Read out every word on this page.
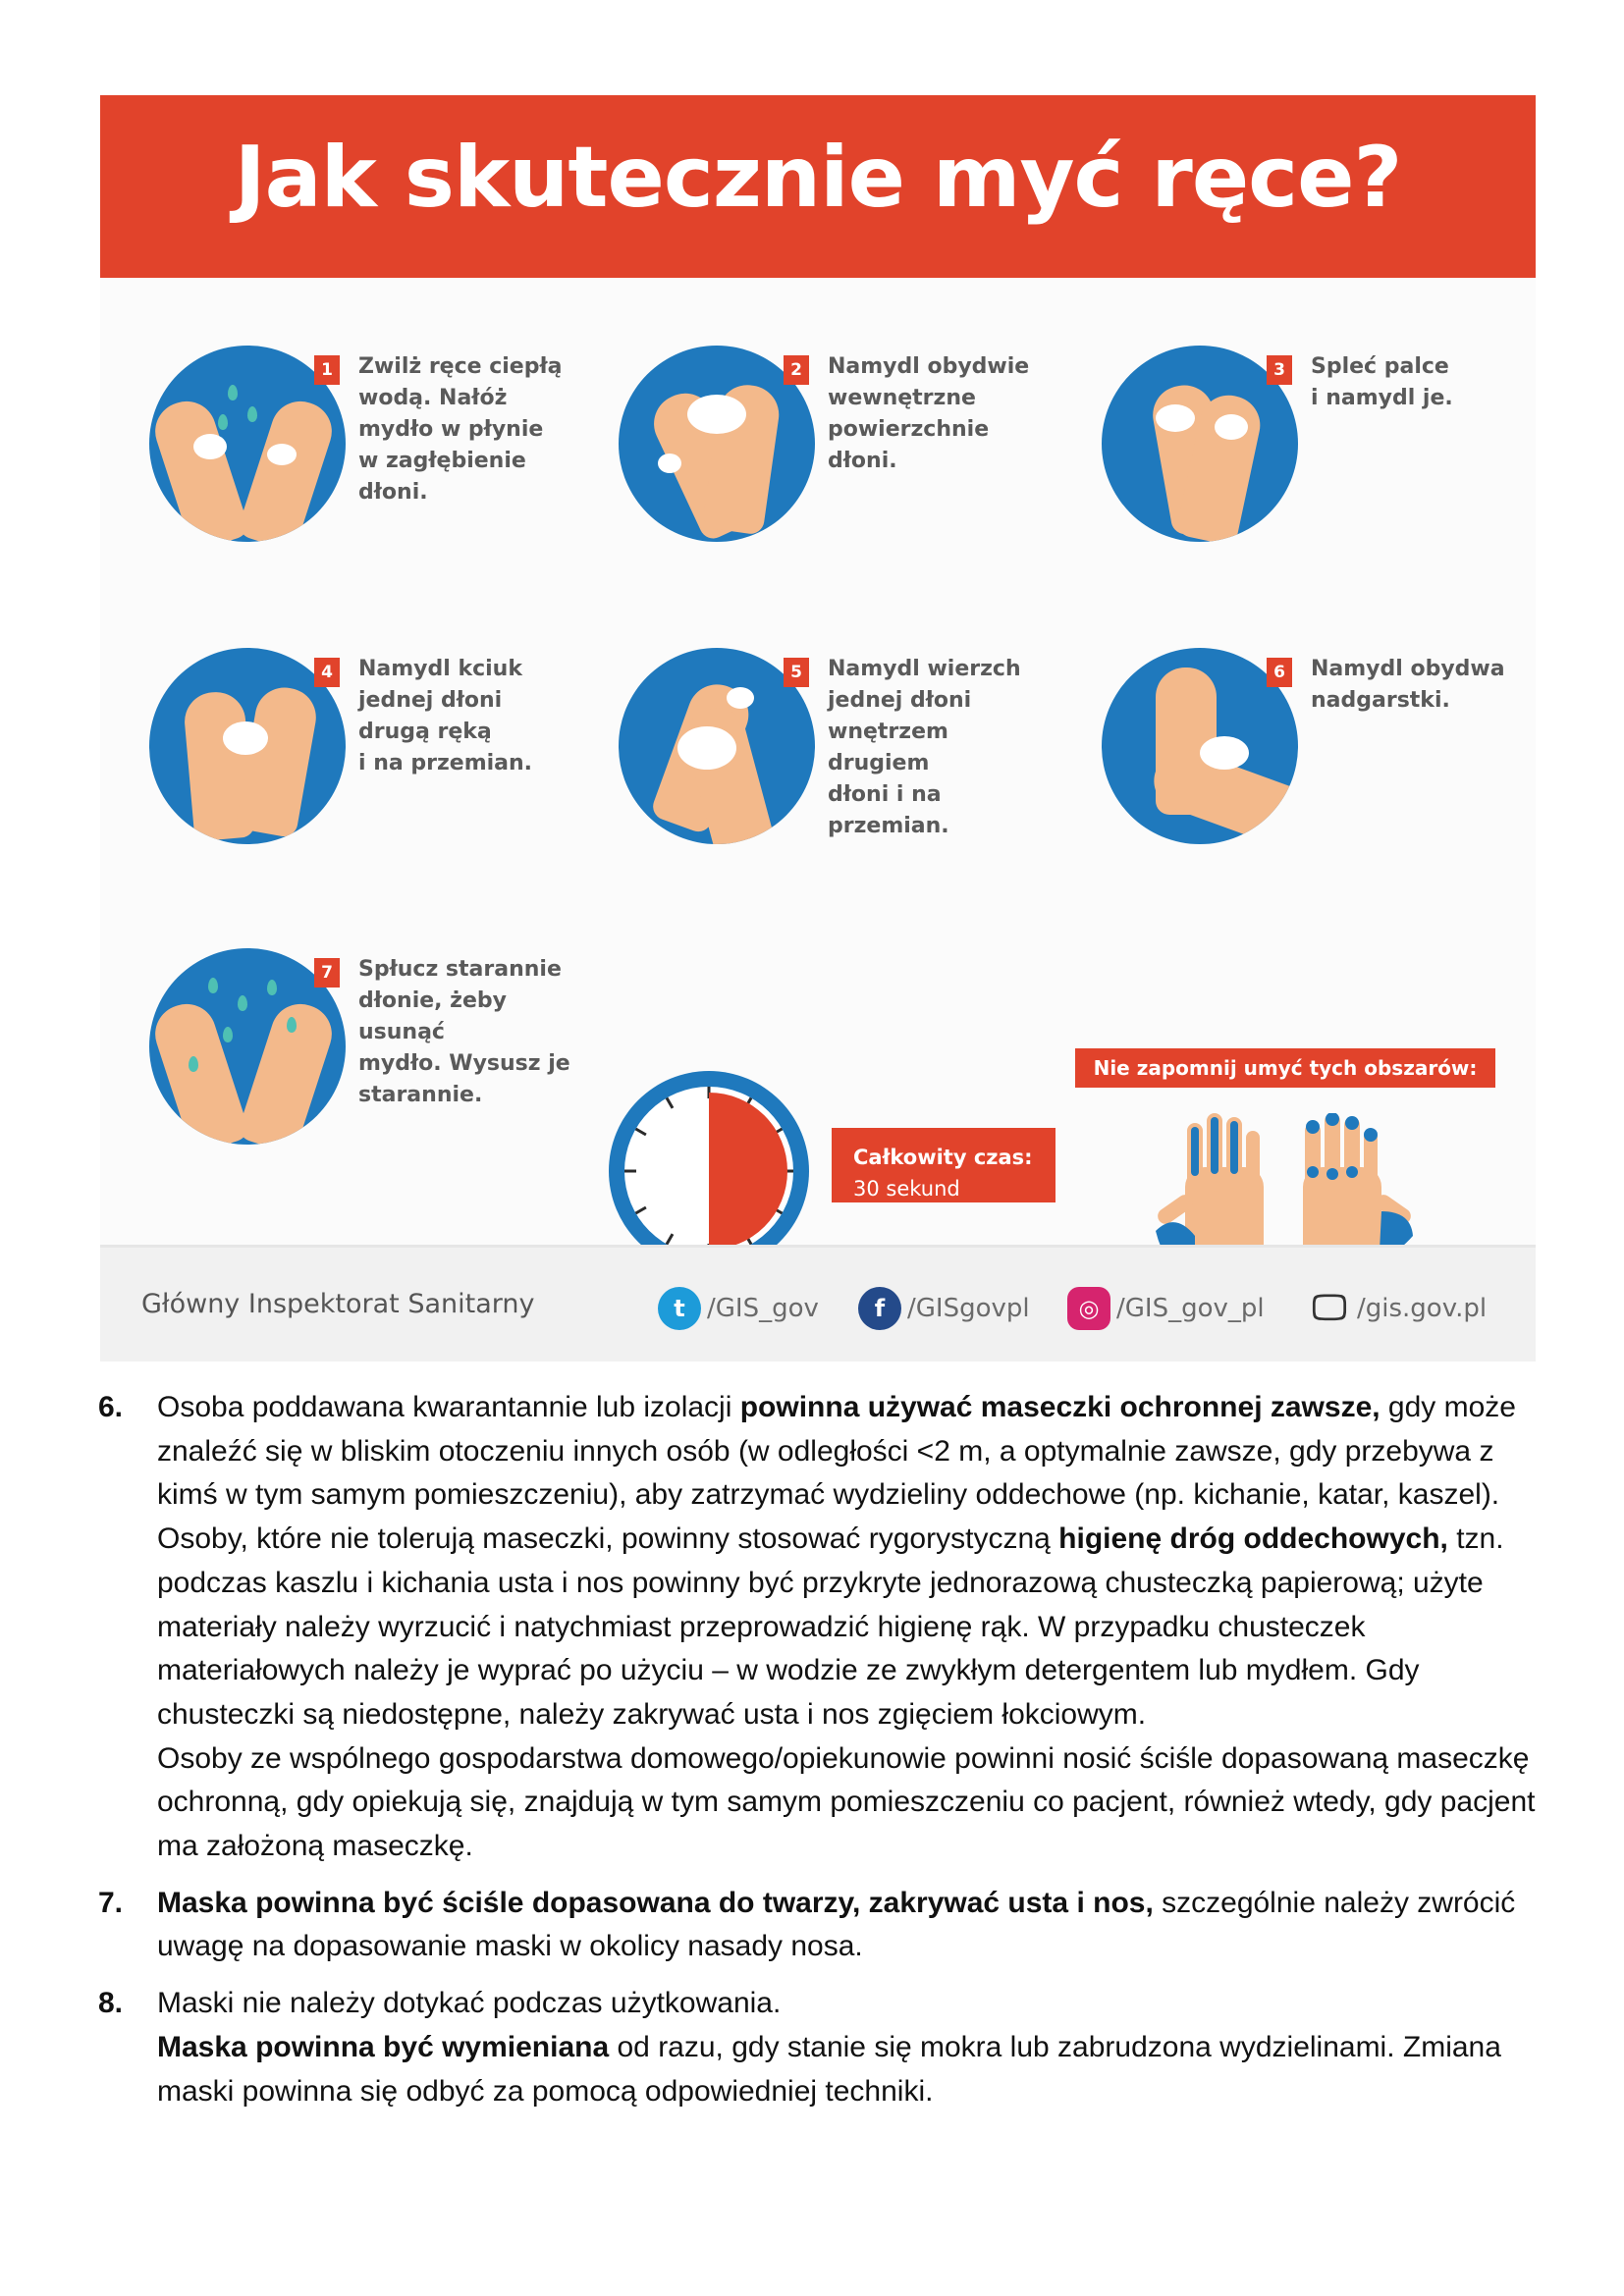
Jak skutecznie myć ręce?
1	Zwilż ręce ciepłą
wodą. Nałóż
mydło w płynie
w zagłębienie
dłoni.
2	Namydl obydwie
wewnętrzne
powierzchnie dłoni.
3	Spleć palce
i namydl je.
4	Namydl kciuk
jednej dłoni
drugą ręką
i na przemian.
5	Namydl wierzch
jednej dłoni
wnętrzem drugiem
dłoni i na przemian.
6	Namydl obydwa
nadgarstki.
7	Spłucz starannie
dłonie, żeby usunąć
mydło. Wysusz je
starannie.
Całkowity czas:
30 sekund
Nie zapomnij umyć tych obszarów:
Główny Inspektorat Sanitarny	t /GIS_gov	f /GISgovpl	◎ /GIS_gov_pl 🖵 /gis.gov.pl
6. Osoba poddawana kwarantannie lub izolacji powinna używać maseczki ochronnej zawsze, gdy może znaleźć się w bliskim otoczeniu innych osób (w odległości <2 m, a optymalnie zawsze, gdy przebywa z kimś w tym samym pomieszczeniu), aby zatrzymać wydzieliny oddechowe (np. kichanie, katar, kaszel).

Osoby, które nie tolerują maseczki, powinny stosować rygorystyczną higienę dróg oddechowych, tzn. podczas kaszlu i kichania usta i nos powinny być przykryte jednorazową chusteczką papierową; użyte materiały należy wyrzucić i natychmiast przeprowadzić higienę rąk. W przypadku chusteczek materiałowych należy je wyprać po użyciu – w wodzie ze zwykłym detergentem lub mydłem. Gdy chusteczki są niedostępne, należy zakrywać usta i nos zgięciem łokciowym.

Osoby ze wspólnego gospodarstwa domowego/opiekunowie powinni nosić ściśle dopasowaną maseczkę ochronną, gdy opiekują się, znajdują w tym samym pomieszczeniu co pacjent, również wtedy, gdy pacjent ma założoną maseczkę.

7. Maska powinna być ściśle dopasowana do twarzy, zakrywać usta i nos, szczególnie należy zwrócić uwagę na dopasowanie maski w okolicy nasady nosa.

8. Maski nie należy dotykać podczas użytkowania.

Maska powinna być wymieniana od razu, gdy stanie się mokra lub zabrudzona wydzielinami. Zmiana maski powinna się odbyć za pomocą odpowiedniej techniki.
